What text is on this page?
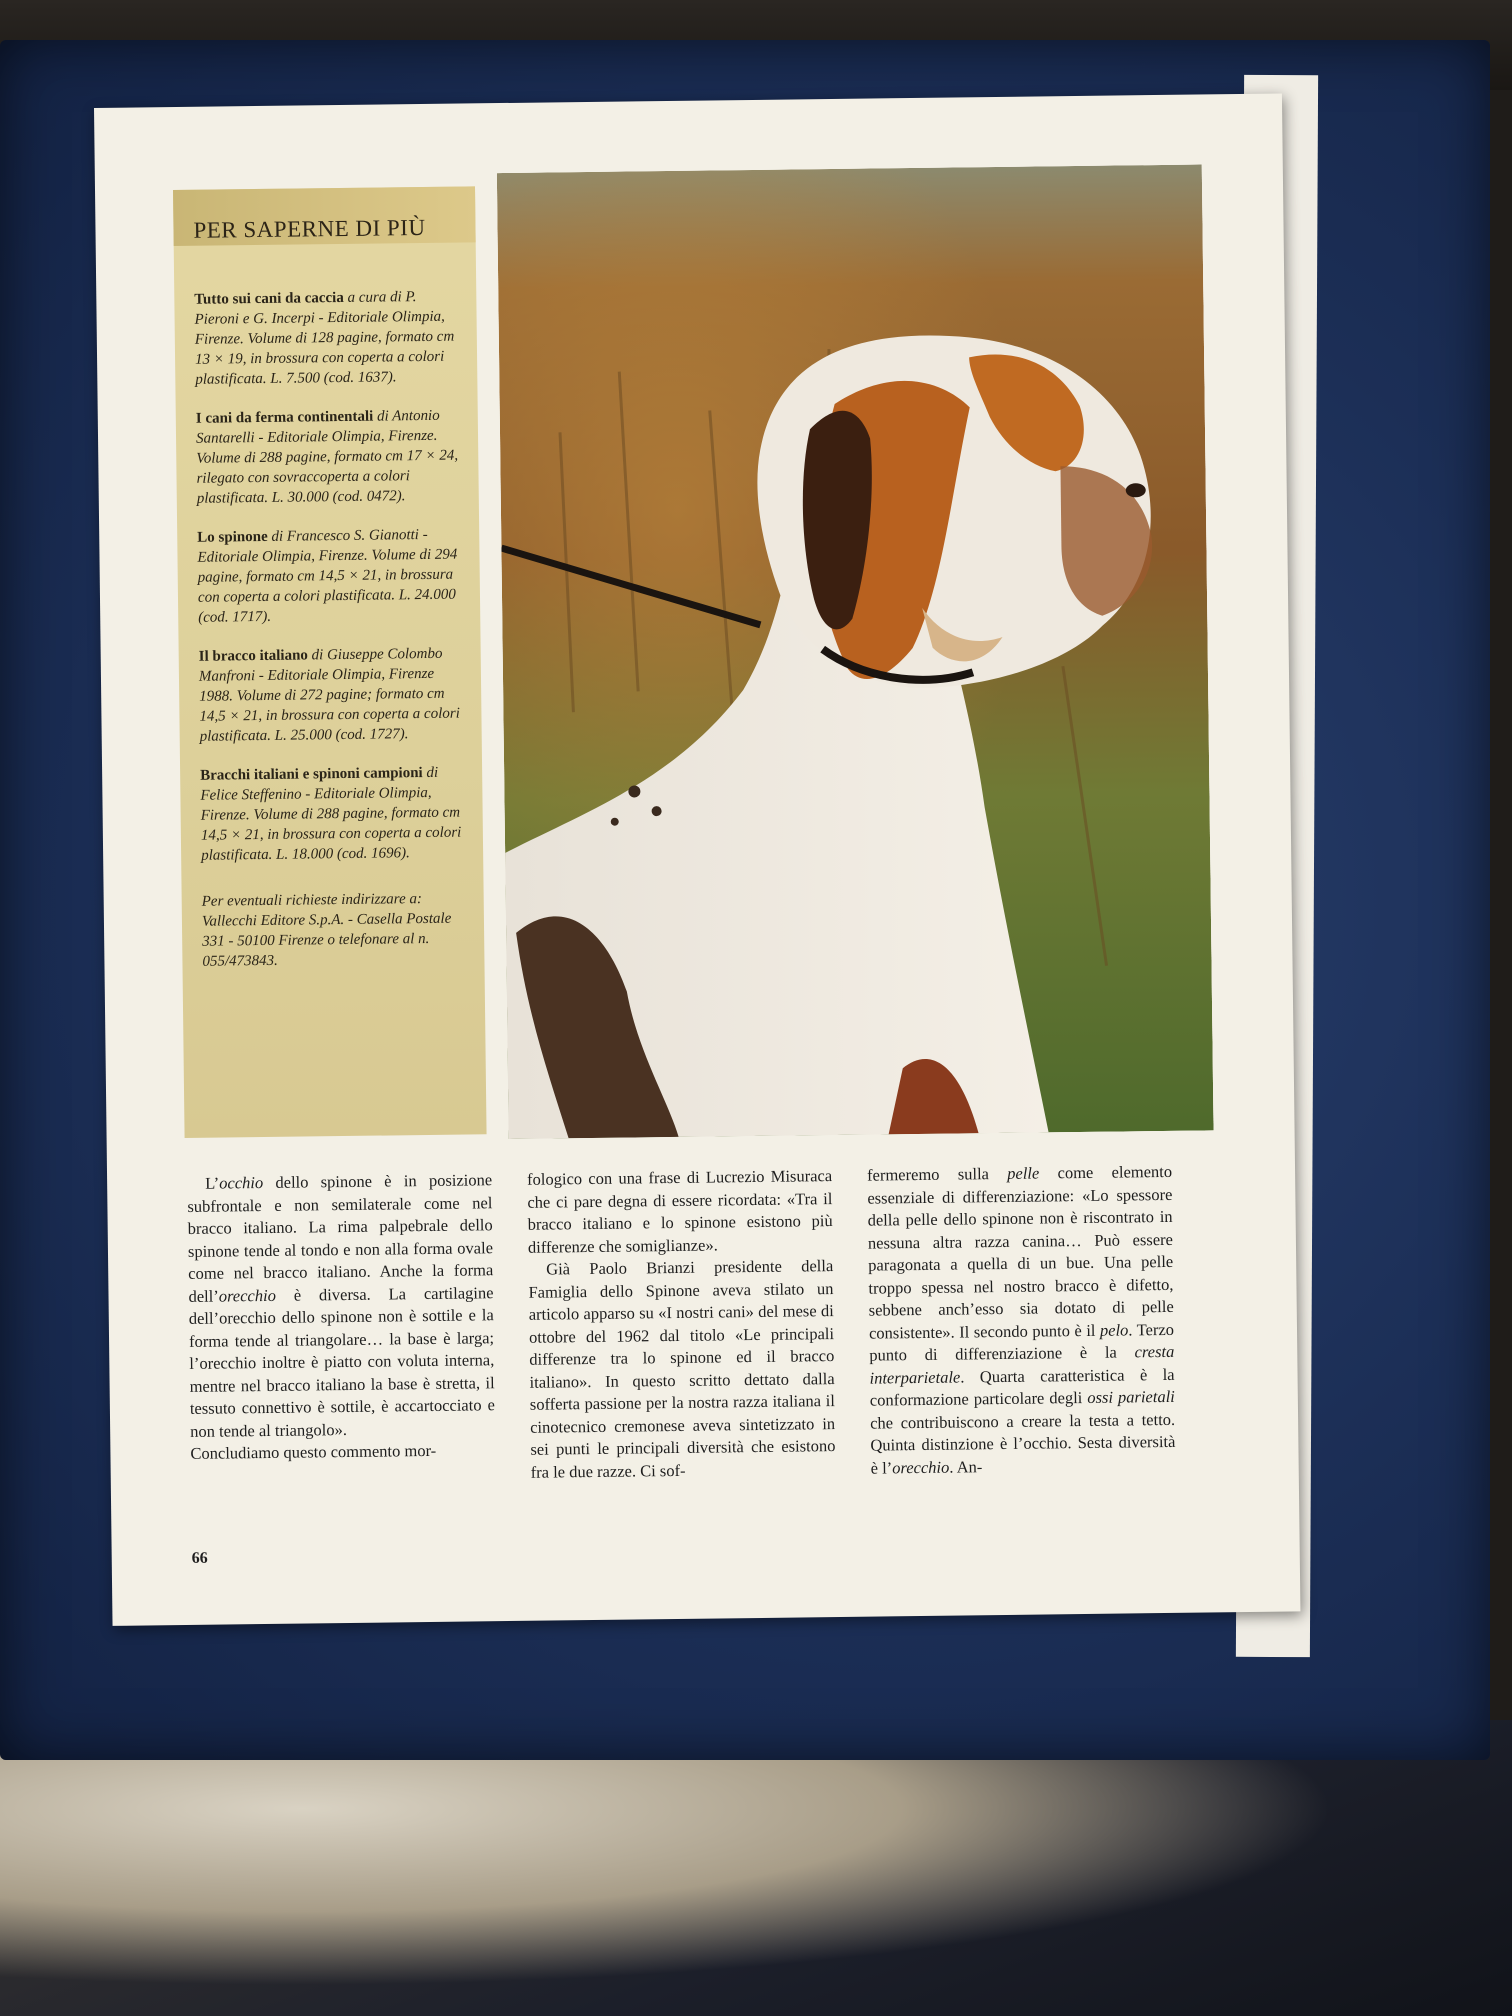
PER SAPERNE DI PIÙ

Tutto sui cani da caccia a cura di P. Pieroni e G. Incerpi - Editoriale Olimpia, Firenze. Volume di 128 pagine, formato cm 13 × 19, in brossura con coperta a colori plastificata. L. 7.500 (cod. 1637).

I cani da ferma continentali di Antonio Santarelli - Editoriale Olimpia, Firenze. Volume di 288 pagine, formato cm 17 × 24, rilegato con sovraccoperta a colori plastificata. L. 30.000 (cod. 0472).

Lo spinone di Francesco S. Gianotti - Editoriale Olimpia, Firenze. Volume di 294 pagine, formato cm 14,5 × 21, in brossura con coperta a colori plastificata. L. 24.000 (cod. 1717).

Il bracco italiano di Giuseppe Colombo Manfroni - Editoriale Olimpia, Firenze 1988. Volume di 272 pagine; formato cm 14,5 × 21, in brossura con coperta a colori plastificata. L. 25.000 (cod. 1727).

Bracchi italiani e spinoni campioni di Felice Steffenino - Editoriale Olimpia, Firenze. Volume di 288 pagine, formato cm 14,5 × 21, in brossura con coperta a colori plastificata. L. 18.000 (cod. 1696).

Per eventuali richieste indirizzare a: Vallecchi Editore S.p.A. - Casella Postale 331 - 50100 Firenze o telefonare al n. 055/473843.

L’occhio dello spinone è in posizione subfrontale e non semilaterale come nel bracco italiano. La rima palpebrale dello spinone tende al tondo e non alla forma ovale come nel bracco italiano. Anche la forma dell’orecchio è diversa. La cartilagine dell’orecchio dello spinone non è sottile e la forma tende al triangolare… la base è larga; l’orecchio inoltre è piatto con voluta interna, mentre nel bracco italiano la base è stretta, il tessuto connettivo è sottile, è accartocciato e non tende al triangolo».

Concludiamo questo commento mor-

fologico con una frase di Lucrezio Misuraca che ci pare degna di essere ricordata: «Tra il bracco italiano e lo spinone esistono più differenze che somiglianze».

Già Paolo Brianzi presidente della Famiglia dello Spinone aveva stilato un articolo apparso su «I nostri cani» del mese di ottobre del 1962 dal titolo «Le principali differenze tra lo spinone ed il bracco italiano». In questo scritto dettato dalla sofferta passione per la nostra razza italiana il cinotecnico cremonese aveva sintetizzato in sei punti le principali diversità che esistono fra le due razze. Ci sof-

fermeremo sulla pelle come elemento essenziale di differenziazione: «Lo spessore della pelle dello spinone non è riscontrato in nessuna altra razza canina… Può essere paragonata a quella di un bue. Una pelle troppo spessa nel nostro bracco è difetto, sebbene anch’esso sia dotato di pelle consistente». Il secondo punto è il pelo. Terzo punto di differenziazione è la cresta interparietale. Quarta caratteristica è la conformazione particolare degli ossi parietali che contribuiscono a creare la testa a tetto. Quinta distinzione è l’occhio. Sesta diversità è l’orecchio. An-

66
